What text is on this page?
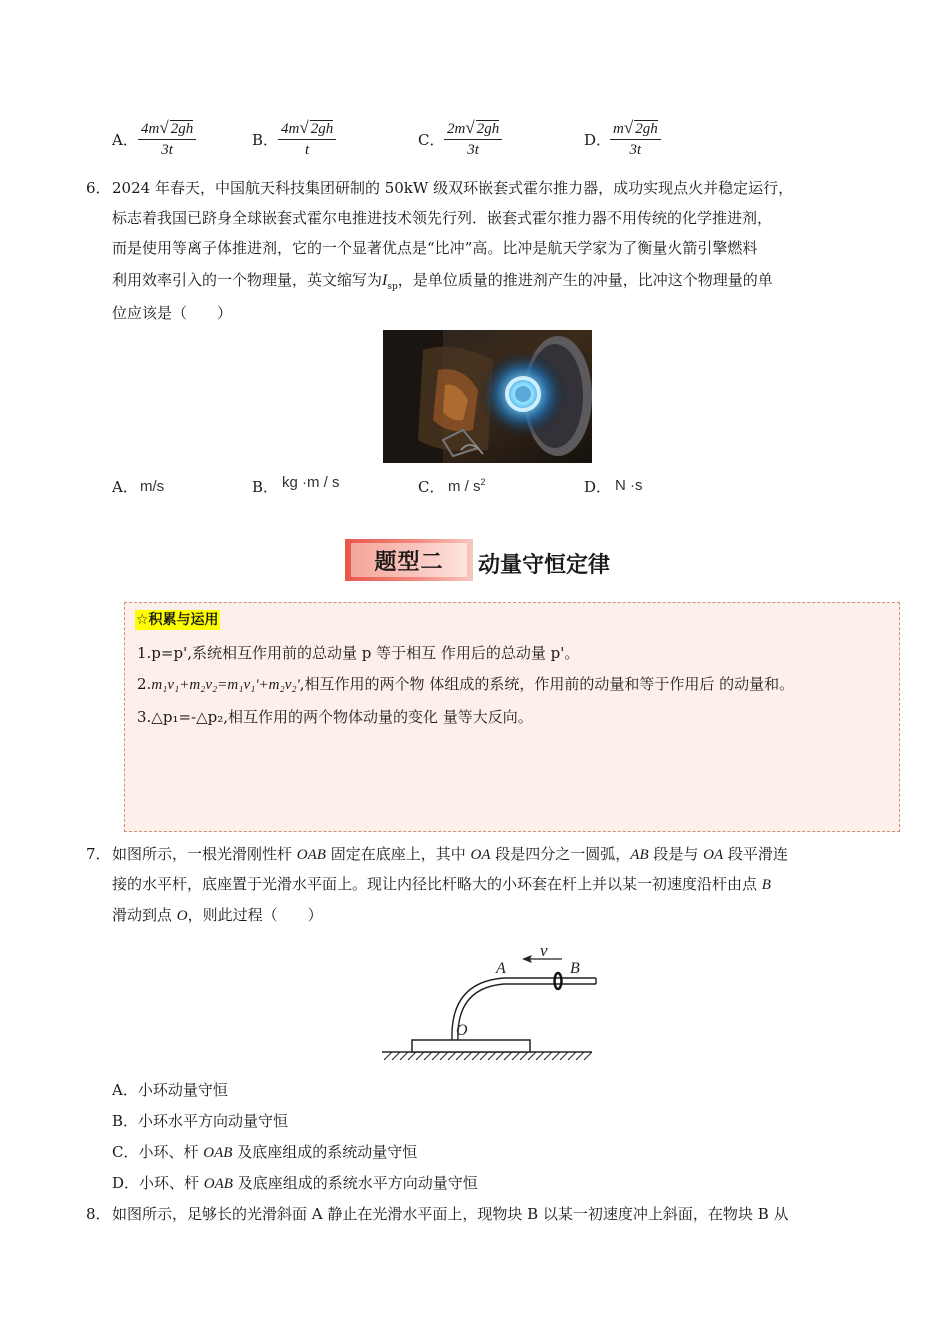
A． $\frac{4m√ 2gh}{3t}$	B． $\frac{4m√ 2gh}{t}$	C． $\frac{2m√ 2gh}{3t}$	D．
$\frac{m√ 2gh}{3t}$
6． 2024 年春天，中国航天科技集团研制的 50kW 级双环嵌套式霍尔推力器，成功实现点火并稳定运行，
标志着我国已跻身全球嵌套式霍尔电推进技术领先行列．嵌套式霍尔推力器不用传统的化学推进剂，
而是使用等离子体推进剂，它的一个显著优点是“比冲”高。比冲是航天学家为了衡量火箭引擎燃料
利用效率引入的一个物理量，英文缩写为$I_{sp}$，是单位质量的推进剂产生的冲量，比冲这个物理量的单
位应该是（　　）
A． m/s	B． kg ·m / s	C． m / $s^2$	D． N ·s
题型二	动量守恒定律
☆积累与运用
1.p=p',系统相互作用前的总动量 p 等于相互 作用后的总动量 p'。
2.m₁v₁+m₂v₂=m₁v₁'+m₂v₂',相互作用的两个物 体组成的系统，作用前的动量和等于作用后 的动量和。
3.△p₁=-△p₂,相互作用的两个物体动量的变化 量等大反向。
7． 如图所示，一根光滑刚性杆 OAB 固定在底座上，其中 OA 段是四分之一圆弧，AB 段是与 OA 段平滑连
接的水平杆，底座置于光滑水平面上。现让内径比杆略大的小环套在杆上并以某一初速度沿杆由点 B
滑动到点 O，则此过程（　　）
v
A	B
O
A．小环动量守恒
B．小环水平方向动量守恒
C．小环、杆 OAB 及底座组成的系统动量守恒
D．小环、杆 OAB 及底座组成的系统水平方向动量守恒
8． 如图所示，足够长的光滑斜面 A 静止在光滑水平面上，现物块 B 以某一初速度冲上斜面，在物块 B 从
